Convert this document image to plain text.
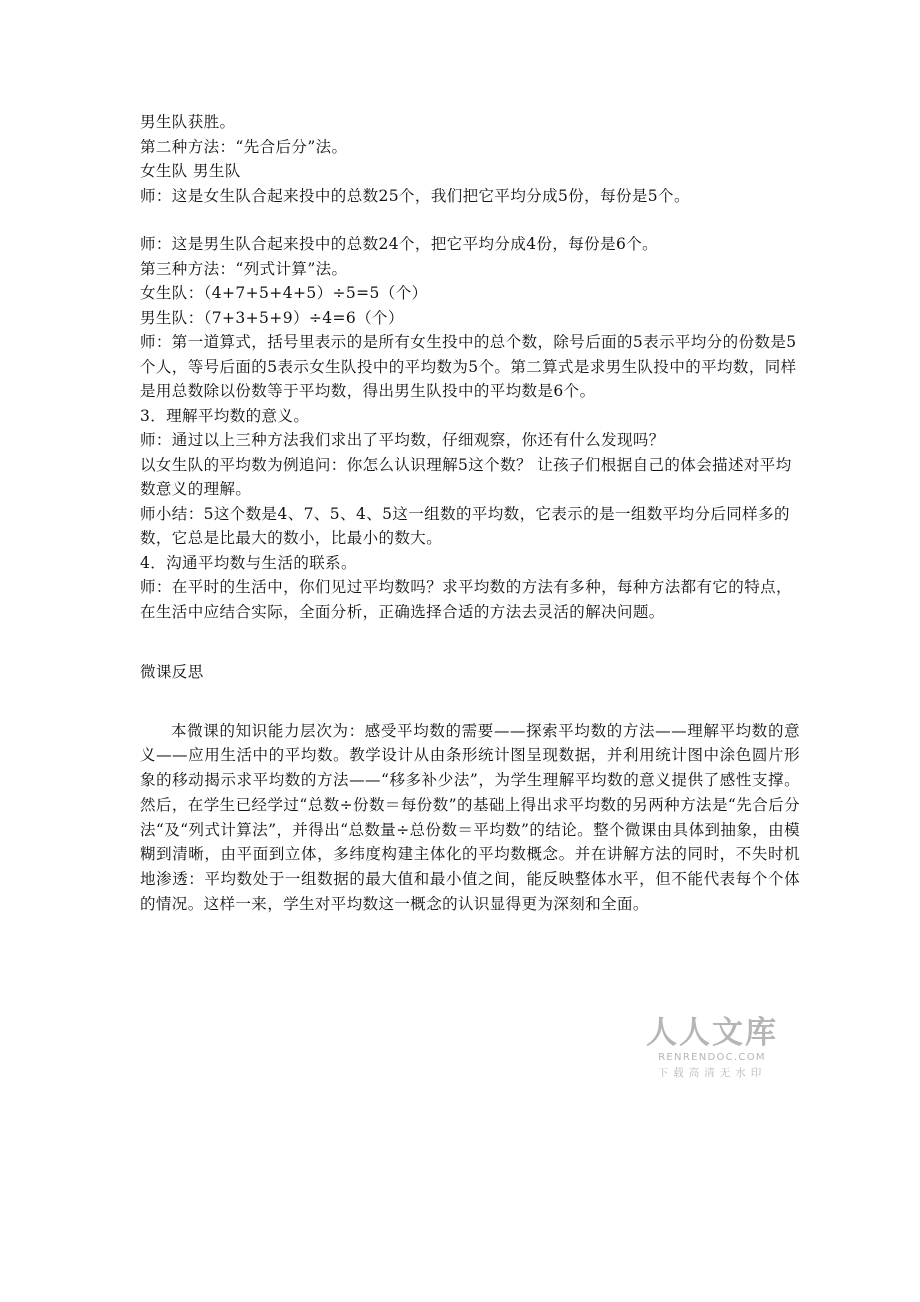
男生队获胜。
第二种方法：“先合后分”法。
女生队 男生队
师：这是女生队合起来投中的总数25个，我们把它平均分成5份，每份是5个。
师：这是男生队合起来投中的总数24个，把它平均分成4份，每份是6个。
第三种方法：“列式计算”法。
女生队：（4+7+5+4+5）÷5=5（个）
男生队：（7+3+5+9）÷4=6（个）

师：第一道算式，括号里表示的是所有女生投中的总个数，除号后面的5表示平均分的份数是5个人，等号后面的5表示女生队投中的平均数为5个。第二算式是求男生队投中的平均数，同样是用总数除以份数等于平均数，得出男生队投中的平均数是6个。

3．理解平均数的意义。
师：通过以上三种方法我们求出了平均数，仔细观察，你还有什么发现吗？

以女生队的平均数为例追问：你怎么认识理解5这个数？ 让孩子们根据自己的体会描述对平均数意义的理解。

师小结：5这个数是4、7、5、4、5这一组数的平均数，它表示的是一组数平均分后同样多的数，它总是比最大的数小，比最小的数大。

4．沟通平均数与生活的联系。

师：在平时的生活中，你们见过平均数吗？求平均数的方法有多种，每种方法都有它的特点，在生活中应结合实际，全面分析，正确选择合适的方法去灵活的解决问题。

微课反思

本微课的知识能力层次为：感受平均数的需要——探索平均数的方法——理解平均数的意义——应用生活中的平均数。教学设计从由条形统计图呈现数据，并利用统计图中涂色圆片形象的移动揭示求平均数的方法——“移多补少法”，为学生理解平均数的意义提供了感性支撑。然后，在学生已经学过“总数÷份数＝每份数”的基础上得出求平均数的另两种方法是“先合后分法“及“列式计算法”，并得出“总数量÷总份数＝平均数”的结论。整个微课由具体到抽象，由模糊到清晰，由平面到立体，多纬度构建主体化的平均数概念。并在讲解方法的同时，不失时机地渗透：平均数处于一组数据的最大值和最小值之间，能反映整体水平，但不能代表每个个体的情况。这样一来，学生对平均数这一概念的认识显得更为深刻和全面。

人人文库
RENRENDOC.COM
下载高清无水印
